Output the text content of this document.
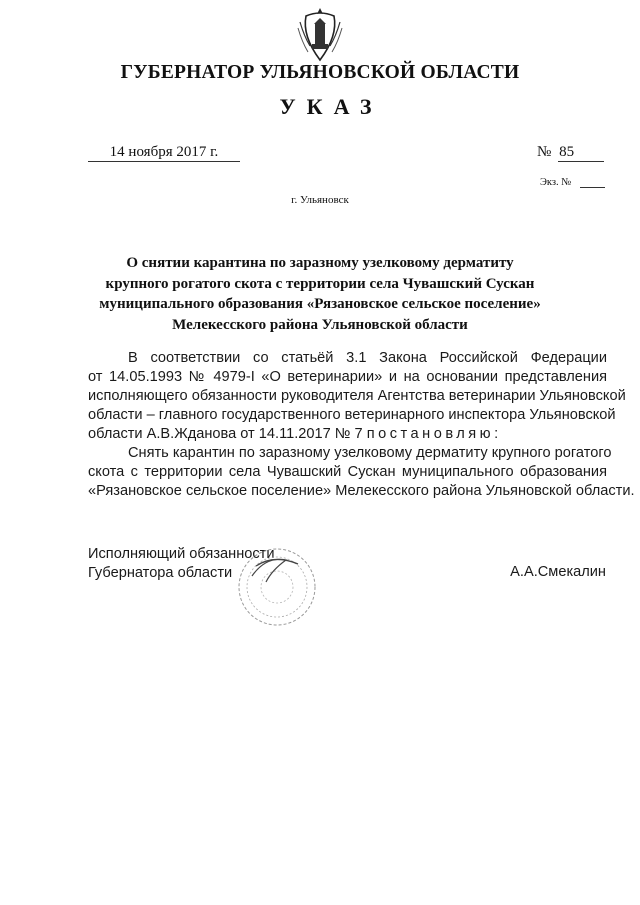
ГУБЕРНАТОР УЛЬЯНОВСКОЙ ОБЛАСТИ
УКАЗ
14 ноября 2017 г.	№ 85
Экз. №
г. Ульяновск
О снятии карантина по заразному узелковому дерматиту
крупного рогатого скота с территории села Чувашский Сускан
муниципального образования «Рязановское сельское поселение»
Мелекесского района Ульяновской области
В соответствии со статьёй 3.1 Закона Российской Федерации
от 14.05.1993 № 4979-I «О ветеринарии» и на основании представления
исполняющего обязанности руководителя Агентства ветеринарии Ульяновской
области – главного государственного ветеринарного инспектора Ульяновской
области А.В.Жданова от 14.11.2017 № 7 постановляю:
Снять карантин по заразному узелковому дерматиту крупного рогатого
скота с территории села Чувашский Сускан муниципального образования
«Рязановское сельское поселение» Мелекесского района Ульяновской области.
Исполняющий обязанности
Губернатора области	А.А.Смекалин
